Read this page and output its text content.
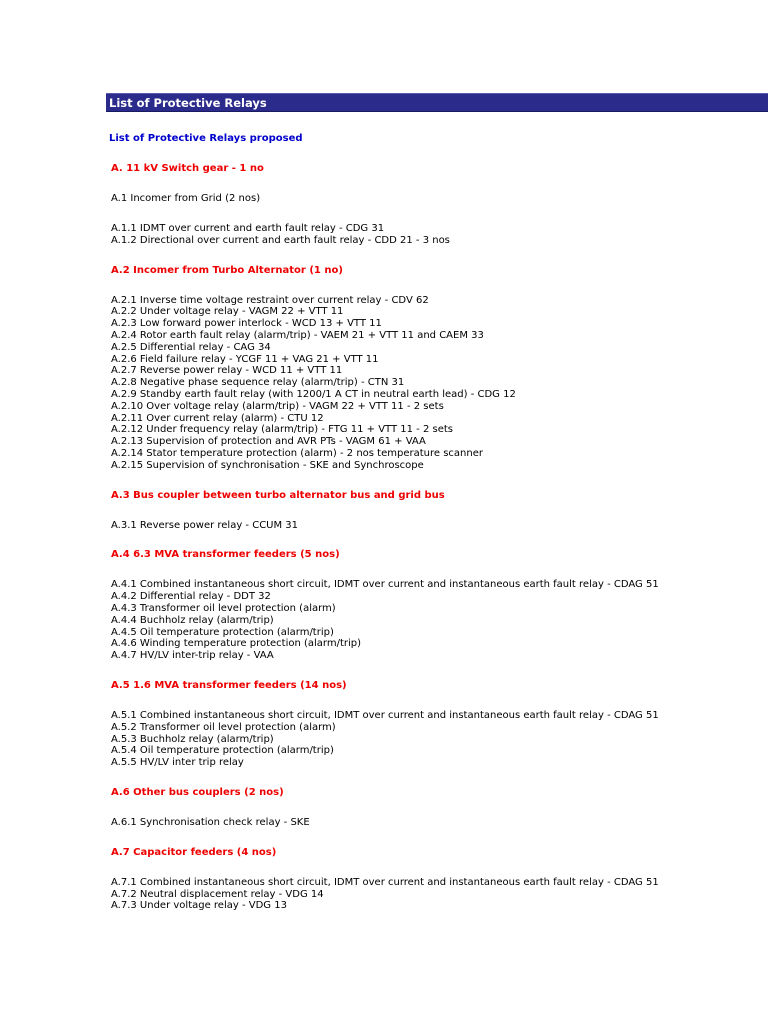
List of Protective Relays
List of Protective Relays proposed
A. 11 kV Switch gear - 1 no
A.1 Incomer from Grid (2 nos)
A.1.1 IDMT over current and earth fault relay - CDG 31
A.1.2 Directional over current and earth fault relay - CDD 21 - 3 nos
A.2 Incomer from Turbo Alternator (1 no)
A.2.1 Inverse time voltage restraint over current relay - CDV 62
A.2.2 Under voltage relay - VAGM 22 + VTT 11
A.2.3 Low forward power interlock - WCD 13 + VTT 11
A.2.4 Rotor earth fault relay (alarm/trip) - VAEM 21 + VTT 11 and CAEM 33
A.2.5 Differential relay - CAG 34
A.2.6 Field failure relay - YCGF 11 + VAG 21 + VTT 11
A.2.7 Reverse power relay - WCD 11 + VTT 11
A.2.8 Negative phase sequence relay (alarm/trip) - CTN 31
A.2.9 Standby earth fault relay (with 1200/1 A CT in neutral earth lead) - CDG 12
A.2.10 Over voltage relay (alarm/trip) - VAGM 22 + VTT 11 - 2 sets
A.2.11 Over current relay (alarm) - CTU 12
A.2.12 Under frequency relay (alarm/trip) - FTG 11 + VTT 11 - 2 sets
A.2.13 Supervision of protection and AVR PTs - VAGM 61 + VAA
A.2.14 Stator temperature protection (alarm) - 2 nos temperature scanner
A.2.15 Supervision of synchronisation - SKE and Synchroscope
A.3 Bus coupler between turbo alternator bus and grid bus
A.3.1 Reverse power relay - CCUM 31
A.4 6.3 MVA transformer feeders (5 nos)
A.4.1 Combined instantaneous short circuit, IDMT over current and instantaneous earth fault relay - CDAG 51
A.4.2 Differential relay - DDT 32
A.4.3 Transformer oil level protection (alarm)
A.4.4 Buchholz relay (alarm/trip)
A.4.5 Oil temperature protection (alarm/trip)
A.4.6 Winding temperature protection (alarm/trip)
A.4.7 HV/LV inter-trip relay - VAA
A.5 1.6 MVA transformer feeders (14 nos)
A.5.1 Combined instantaneous short circuit, IDMT over current and instantaneous earth fault relay - CDAG 51
A.5.2 Transformer oil level protection (alarm)
A.5.3 Buchholz relay (alarm/trip)
A.5.4 Oil temperature protection (alarm/trip)
A.5.5 HV/LV inter trip relay
A.6 Other bus couplers (2 nos)
A.6.1 Synchronisation check relay - SKE
A.7 Capacitor feeders (4 nos)
A.7.1 Combined instantaneous short circuit, IDMT over current and instantaneous earth fault relay - CDAG 51
A.7.2 Neutral displacement relay - VDG 14
A.7.3 Under voltage relay - VDG 13
